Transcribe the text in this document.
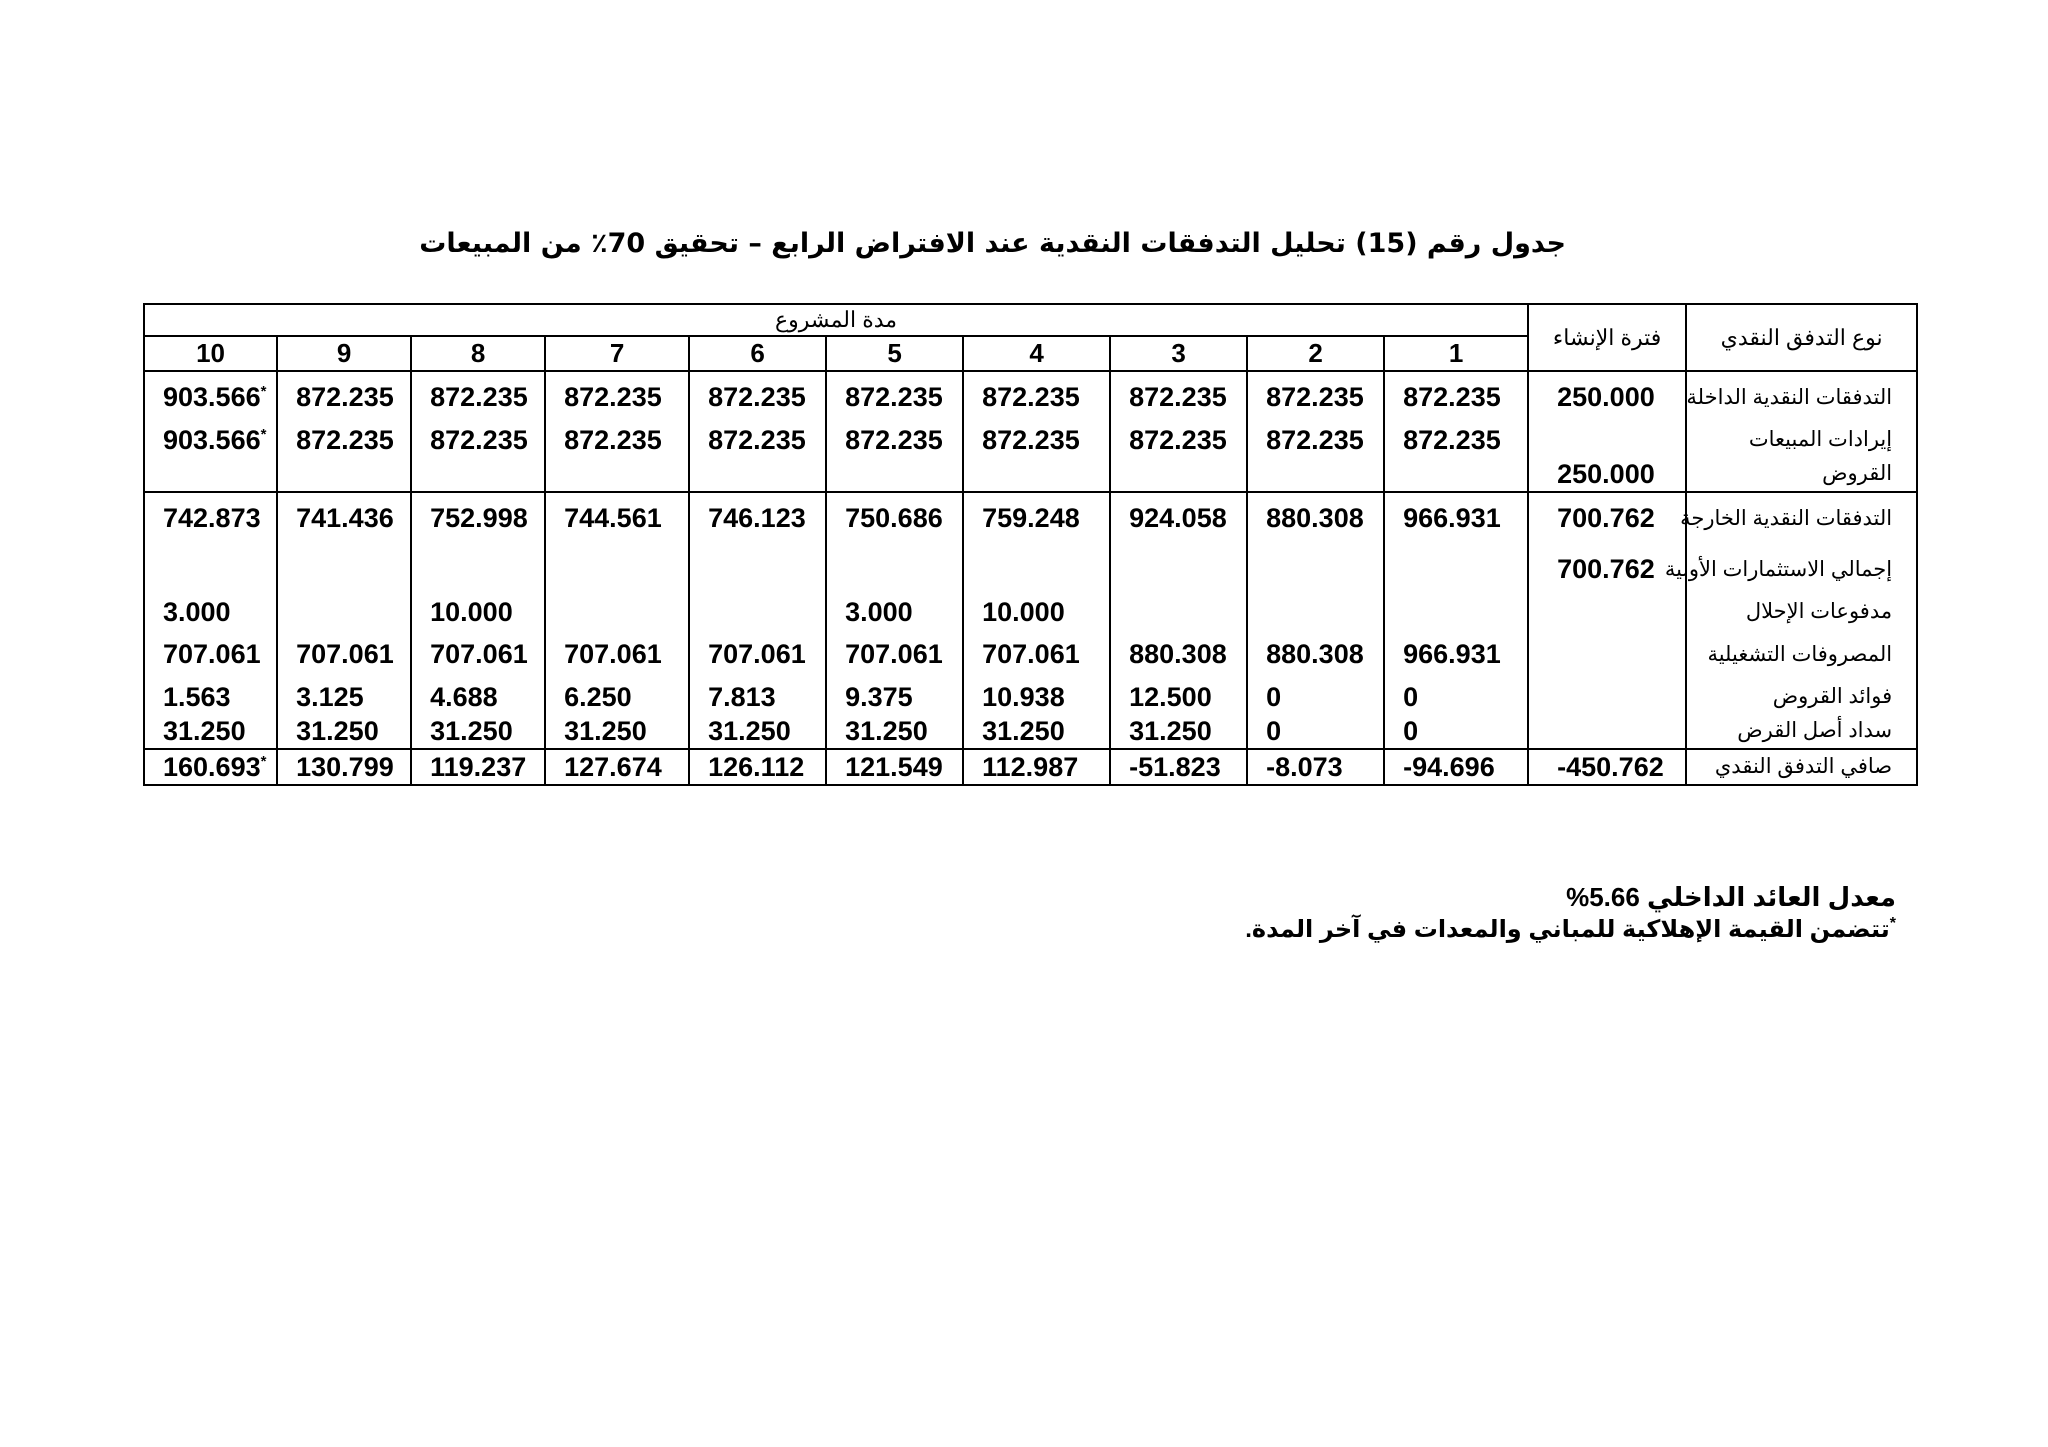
جدول رقم (15) تحليل التدفقات النقدية عند الافتراض الرابع – تحقيق 70٪ من المبيعات
نوع التدفق النقدي	فترة الإنشاء	مدة المشروع									
		1	2	3	4	5	6	7	8	9	10
التدفقات النقدية الداخلة	250.000	872.235	872.235	872.235	872.235	872.235	872.235	872.235	872.235	872.235	*903.566
إيرادات المبيعات		872.235	872.235	872.235	872.235	872.235	872.235	872.235	872.235	872.235	*903.566
القروض	250.000										
التدفقات النقدية الخارجة	700.762	966.931	880.308	924.058	759.248	750.686	746.123	744.561	752.998	741.436	742.873
إجمالي الاستثمارات الأولية	700.762										
مدفوعات الإحلال					10.000	3.000			10.000		3.000
المصروفات التشغيلية		966.931	880.308	880.308	707.061	707.061	707.061	707.061	707.061	707.061	707.061
فوائد القروض		0	0	12.500	10.938	9.375	7.813	6.250	4.688	3.125	1.563
سداد أصل القرض		0	0	31.250	31.250	31.250	31.250	31.250	31.250	31.250	31.250
صافي التدفق النقدي	450.762-	94.696-	8.073-	51.823-	112.987	121.549	126.112	127.674	119.237	130.799	*160.693
معدل العائد الداخلي 5.66%
*تتضمن القيمة الإهلاكية للمباني والمعدات في آخر المدة.
